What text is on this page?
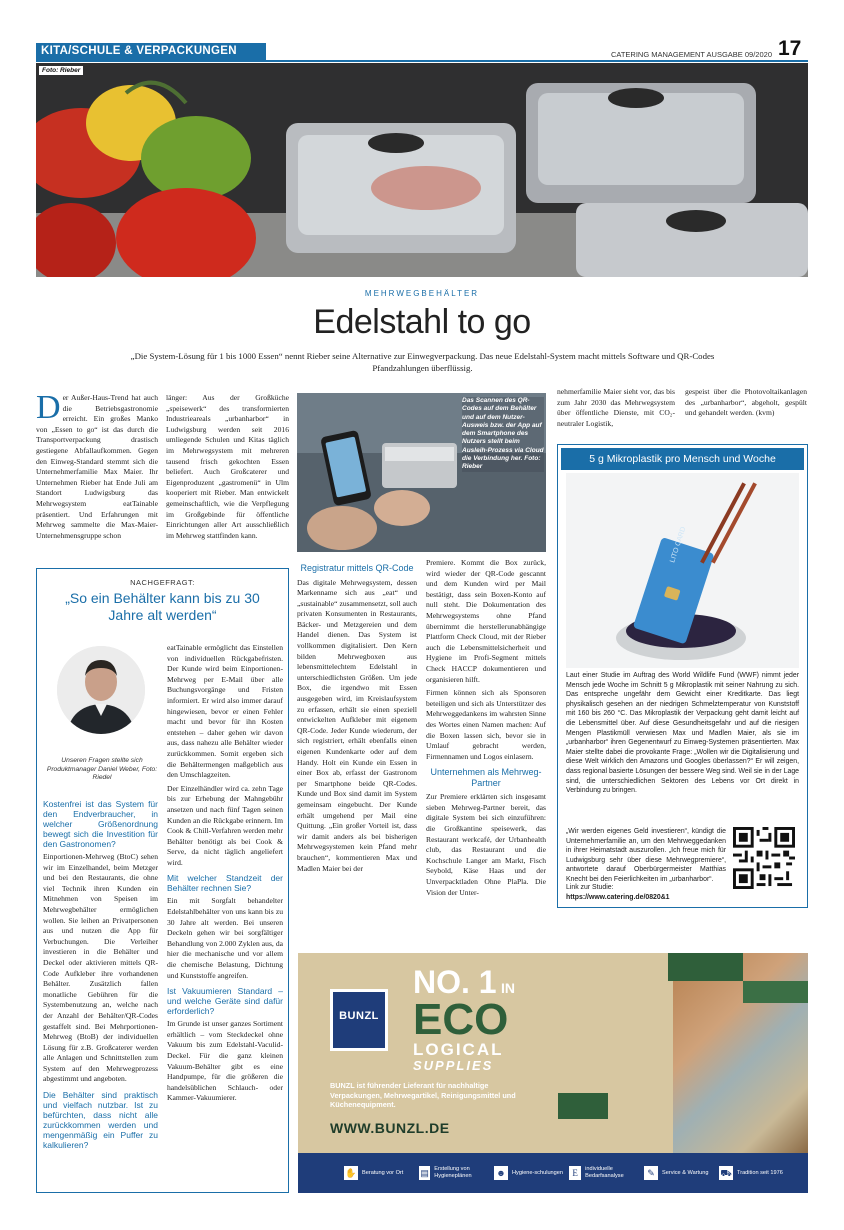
KITA/SCHULE & VERPACKUNGEN	CATERING MANAGEMENT AUSGABE 09/2020 17
Foto: Rieber
MEHRWEGBEHÄLTER
Edelstahl to go
„Die System-Lösung für 1 bis 1000 Essen“ nennt Rieber seine Alternative zur Einwegverpackung. Das neue Edelstahl-System macht mittels Software und QR-Codes Pfandzahlungen überflüssig.
Der Außer-Haus-Trend hat auch die Betriebsgastronomie erreicht. Ein großes Manko von „Essen to go“ ist das durch die Transportverpackung drastisch gestiegene Abfallaufkommen. Gegen den Einweg-Standard stemmt sich die Unternehmerfamilie Max Maier. Ihr Unternehmen Rieber hat Ende Juli am Standort Ludwigsburg das Mehrwegsystem eatTainable präsentiert. Und Erfahrungen mit Mehrweg sammelte die Max-Maier-Unternehmensgruppe schon
länger: Aus der Großküche „speisewerk“ des transformierten Industrieareals „urbanharbor“ in Ludwigsburg werden seit 2016 umliegende Schulen und Kitas täglich im Mehrwegsystem mit mehreren tausend frisch gekochten Essen beliefert. Auch Großcaterer und Eigenproduzent „gastromenü“ in Ulm kooperiert mit Rieber. Man entwickelt gemeinschaftlich, wie die Verpflegung im Großgebinde für öffentliche Einrichtungen aller Art ausschließlich im Mehrweg stattfinden kann.
Das Scannen des QR-Codes auf dem Behälter und auf dem Nutzer-Ausweis bzw. der App auf dem Smartphone des Nutzers stellt beim Ausleih-Prozess via Cloud die Verbindung her. Foto: Rieber
Registratur mittels QR-Code
Das digitale Mehrwegsystem, dessen Markenname sich aus „eat“ und „sustainable“ zusammensetzt, soll auch privaten Konsumenten in Restaurants, Bäcker- und Metzgereien und dem Handel dienen. Das System ist vollkommen digitalisiert. Den Kern bilden Mehrwegboxen aus lebensmittelechtem Edelstahl in unterschiedlichsten Größen. Um jede Box, die irgendwo mit Essen ausgegeben wird, im Kreislaufsystem zu erfassen, erhält sie einen speziell entwickelten Aufkleber mit eigenem QR-Code. Jeder Kunde wiederum, der sich registriert, erhält ebenfalls einen eigenen Kundenkarte oder auf dem Handy. Holt ein Kunde ein Essen in einer Box ab, erfasst der Gastronom per Smartphone beide QR-Codes. Kunde und Box sind damit im System gemeinsam eingebucht. Der Kunde erhält umgehend per Mail eine Quittung. „Ein großer Vorteil ist, dass wir damit anders als bei bisherigen Mehrwegsystemen kein Pfand mehr brauchen“, kommentieren Max und Madlen Maier bei der

Premiere. Kommt die Box zurück, wird wieder der QR-Code gescannt und dem Kunden wird per Mail bestätigt, dass sein Boxen-Konto auf null steht. Die Dokumentation des Mehrwegsystems ohne Pfand übernimmt die herstellerunabhängige Plattform Check Cloud, mit der Rieber auch die Lebensmittelsicherheit und Hygiene im Profi-Segment mittels Check HACCP dokumentieren und organisieren hilft.

Firmen können sich als Sponsoren beteiligen und sich als Unterstützer des Mehrweggedankens im wahrsten Sinne des Wortes einen Namen machen: Auf die Boxen lassen sich, bevor sie in Umlauf gebracht werden, Firmennamen und Logos einlasern.

Unternehmen als Mehrweg-Partner
Zur Premiere erklärten sich insgesamt sieben Mehrweg-Partner bereit, das digitale System bei sich einzuführen: die Großkantine speisewerk, das Restaurant werkcafé, der Urbanhealth club, das Restaurant und die Kochschule Langer am Markt, Fisch Seybold, Käse Haas und der Unverpacktladen Ohne PlaPla. Die Vision der Unter-
nehmerfamilie Maier sieht vor, das bis zum Jahr 2030 das Mehrwegsystem über öffentliche Dienste, mit CO₂-neutraler Logistik,
gespeist über die Photovoltaikanlagen des „urbanharbor“, abgeholt, gespült und gehandelt werden. (kvm)
5 g Mikroplastik pro Mensch und Woche
LITO CARD
Laut einer Studie im Auftrag des World Wildlife Fund (WWF) nimmt jeder Mensch jede Woche im Schnitt 5 g Mikroplastik mit seiner Nahrung zu sich. Das entspreche ungefähr dem Gewicht einer Kreditkarte. Das liegt physikalisch gesehen an der niedrigen Schmelztemperatur von Kunststoff mit 160 bis 260 °C. Das Mikroplastik der Verpackung geht damit leicht auf die Lebensmittel über. Auf diese Gesundheitsgefahr und auf die riesigen Mengen Plastikmüll verwiesen Max und Madlen Maier, als sie im „urbanharbor“ ihren Gegenentwurf zu Einweg-Systemen präsentierten. Max Maier stellte dabei die provokante Frage: „Wollen wir die Digitalisierung und diese Welt wirklich den Amazons und Googles überlassen?“ Er will zeigen, dass regional basierte Lösungen der bessere Weg sind. Weil sie in der Lage sind, die unterschiedlichen Sektoren des Lebens vor Ort direkt in Verbindung zu bringen.
„Wir werden eigenes Geld investieren“, kündigt die Unternehmerfamilie an, um den Mehrweggedanken in ihrer Heimatstadt auszurollen. „Ich freue mich für Ludwigsburg sehr über diese Mehrwegpremiere“, antwortete darauf Oberbürgermeister Matthias Knecht bei den Feierlichkeiten im „urbanharbor“.
Link zur Studie:
https://www.catering.de/0820&1
NACHGEFRAGT:
„So ein Behälter kann bis zu 30 Jahre alt werden“
Unseren Fragen stellte sich Produktmanager Daniel Weber, Foto: Riedel
Kostenfrei ist das System für den Endverbraucher, in welcher Größenordnung bewegt sich die Investition für den Gastronomen?
Einportionen-Mehrweg (BtoC) sehen wir im Einzelhandel, beim Metzger und bei den Restaurants, die ohne viel Technik ihren Kunden ein Mitnehmen von Speisen im Mehrwegbehälter ermöglichen wollen. Sie leihen an Privatpersonen aus und nutzen die App für Verbuchungen. Die Verleiher investieren in die Behälter und Deckel oder aktivieren mittels QR-Code Aufkleber ihre vorhandenen Behälter. Zusätzlich fallen monatliche Gebühren für die Systembenutzung an, welche nach der Anzahl der Behälter/QR-Codes gestaffelt sind. Bei Mehrportionen-Mehrweg (BtoB) der individuellen Lösung für z.B. Großcaterer werden alle Anlagen und Schnittstellen zum System auf den Mehrwegprozess abgestimmt und angeboten.
Die Behälter sind praktisch und vielfach nutzbar. Ist zu befürchten, dass nicht alle zurückkommen werden und mengenmäßig ein Puffer zu kalkulieren?

eatTainable ermöglicht das Einstellen von individuellen Rückgabefristen. Der Kunde wird beim Einportionen-Mehrweg per E-Mail über alle Buchungsvorgänge und Fristen informiert. Er wird also immer darauf hingewiesen, bevor er einen Fehler macht und bevor für ihn Kosten entstehen – daher gehen wir davon aus, dass nahezu alle Behälter wieder zurückkommen. Somit ergeben sich die Behältermengen maßgeblich aus den Umschlagzeiten.

Der Einzelhändler wird ca. zehn Tage bis zur Erhebung der Mahngebühr ansetzen und nach fünf Tagen seinen Kunden an die Rückgabe erinnern. Im Cook & Chill-Verfahren werden mehr Behälter benötigt als bei Cook & Serve, da nicht täglich angeliefert wird.

Mit welcher Standzeit der Behälter rechnen Sie?
Ein mit Sorgfalt behandelter Edelstahlbehälter von uns kann bis zu 30 Jahre alt werden. Bei unseren Deckeln gehen wir bei sorgfältiger Behandlung von 2.000 Zyklen aus, da hier die mechanische und vor allem die chemische Belastung, Dichtung und Kunststoffe angreifen.
Ist Vakuumieren Standard – und welche Geräte sind dafür erforderlich?
Im Grunde ist unser ganzes Sortiment erhältlich – vom Steckdeckel ohne Vakuum bis zum Edelstahl-Vaculid-Deckel. Für die ganz kleinen Vakuum-Behälter gibt es eine Handpumpe, für die größeren die handelsüblichen Schlauch- oder Kammer-Vakuumierer.
BUNZL
NO. 1 IN
ECO
LOGICAL
SUPPLIES
BUNZL ist führender Lieferant für nachhaltige Verpackungen, Mehrwegartikel, Reinigungsmittel und Küchenequipment.
WWW.BUNZL.DE
✋ Beratung vor Ort ▤ Erstellung von Hygieneplänen	☻	Hygiene-schulungen	E	individuelle Bedarfsanalyse	✎	Service & Wartung ⛟ Tradition seit 1976
